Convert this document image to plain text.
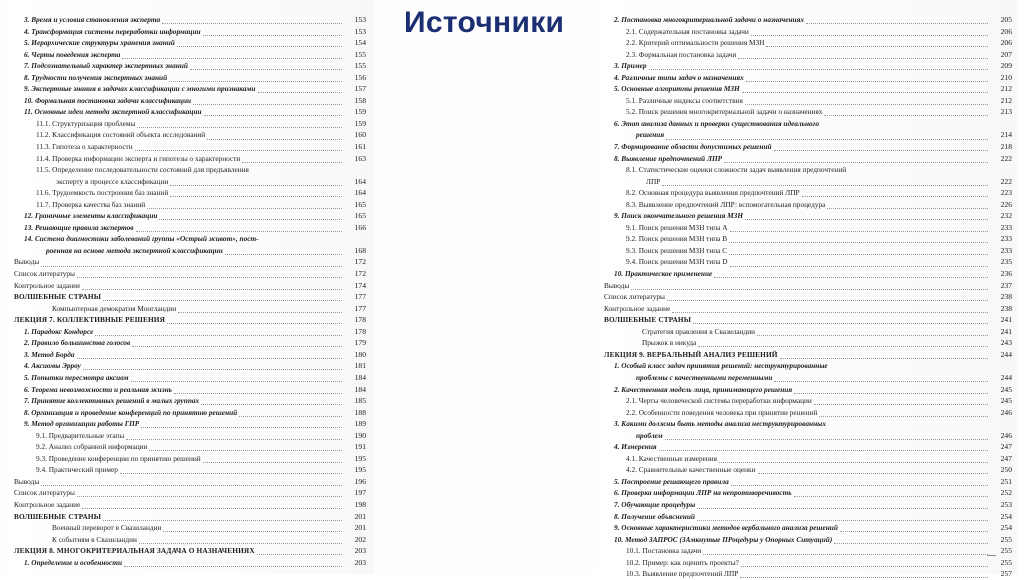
Источники
3. Время и условия становления эксперта	153
4. Трансформация системы переработки информации	153
5. Иерархические структуры хранения знаний	154
6. Черты поведения эксперта	155
7. Подсознательный характер экспертных знаний	155
8. Трудности получения экспертных знаний	156
9. Экспертные знания в задачах классификации с многими признаками	157
10. Формальная постановка задачи классификации	158
11. Основные идеи метода экспертной классификации	159
11.1. Структуризация проблемы	159
11.2. Классификация состояний объекта исследований	160
11.3. Гипотеза о характерности	161
11.4. Проверка информации эксперта и гипотезы о характерности	163
11.5. Определение последовательности состояний для предъявления
эксперту в процессе классификации	164
11.6. Трудоемкость построения баз знаний	164
11.7. Проверка качества баз знаний	165
12. Граничные элементы классификации	165
13. Решающие правила экспертов	166
14. Система диагностики заболеваний группы «Острый живот», пост-
роенная на основе метода экспертной классификации	168
Выводы	172
Список литературы	172
Контрольное задание	174
ВОЛШЕБНЫЕ СТРАНЫ	177
Компьютерная демократия Монгландии	177
ЛЕКЦИЯ 7. КОЛЛЕКТИВНЫЕ РЕШЕНИЯ	178
1. Парадокс Кондорсе	178
2. Правило большинства голосов	179
3. Метод Борда	180
4. Аксиомы Эрроу	181
5. Попытки пересмотра аксиом	184
6. Теорема невозможности и реальная жизнь	184
7. Принятие коллективных решений в малых группах	185
8. Организация и проведение конференций по принятию решений	188
9. Метод организации работы ГПР	189
9.1. Предварительные этапы	190
9.2. Анализ собранной информации	191
9.3. Проведение конференции по принятию решений	195
9.4. Практический пример	195
Выводы	196
Список литературы	197
Контрольное задание	198
ВОЛШЕБНЫЕ СТРАНЫ	201
Военный переворот в Свазиландии	201
К событиям в Свазиландии	202
ЛЕКЦИЯ 8. МНОГОКРИТЕРИАЛЬНАЯ ЗАДАЧА О НАЗНАЧЕНИЯХ	203
1. Определение и особенности	203
2. Постановка многокритериальной задачи о назначениях	205
2.1. Содержательная постановка задачи	206
2.2. Критерий оптимальности решения МЗН	206
2.3. Формальная постановка задачи	207
3. Пример	209
4. Различные типы задач о назначениях	210
5. Основные алгоритмы решения МЗН	212
5.1. Различные индексы соответствия	212
5.2. Поиск решения многокритериальной задачи о назначениях	213
6. Этап анализа данных и проверки существования идеального
решения	214
7. Формирование области допустимых решений	218
8. Выявление предпочтений ЛПР	222
8.1. Статистические оценки сложности задач выявления предпочтений
ЛПР	222
8.2. Основная процедура выявления предпочтений ЛПР	223
8.3. Выявление предпочтений ЛПР: вспомогательная процедура	226
9. Поиск окончательного решения МЗН	232
9.1. Поиск решения МЗН типа A	233
9.2. Поиск решения МЗН типа B	233
9.3. Поиск решения МЗН типа C	233
9.4. Поиск решения МЗН типа D	235
10. Практическое применение	236
Выводы	237
Список литературы	238
Контрольное задание	238
ВОЛШЕБНЫЕ СТРАНЫ	241
Стратегия правления в Свазиландии	241
Прыжок в никуда	243
ЛЕКЦИЯ 9. ВЕРБАЛЬНЫЙ АНАЛИЗ РЕШЕНИЙ	244
1. Особый класс задач принятия решений: неструктурированные
проблемы с качественными переменными	244
2. Качественная модель лица, принимающего решения	245
2.1. Черты человеческой системы переработки информации	245
2.2. Особенности поведения человека при принятии решений	246
3. Какими должны быть методы анализа неструктурированных
проблем	246
4. Измерения	247
4.1. Качественные измерения	247
4.2. Сравнительные качественные оценки	250
5. Построение решающего правила	251
6. Проверка информации ЛПР на непротиворечивость	252
7. Обучающие процедуры	253
8. Получение объяснений	254
9. Основные характеристики методов вербального анализа решений	254
10. Метод ЗАПРОС (ЗАмкнутые ПРоцедуры у Опорных Ситуаций)	255
10.1. Постановка задачи	255
10.2. Пример: как оценить проекты?	255
10.3. Выявление предпочтений ЛПР	257
